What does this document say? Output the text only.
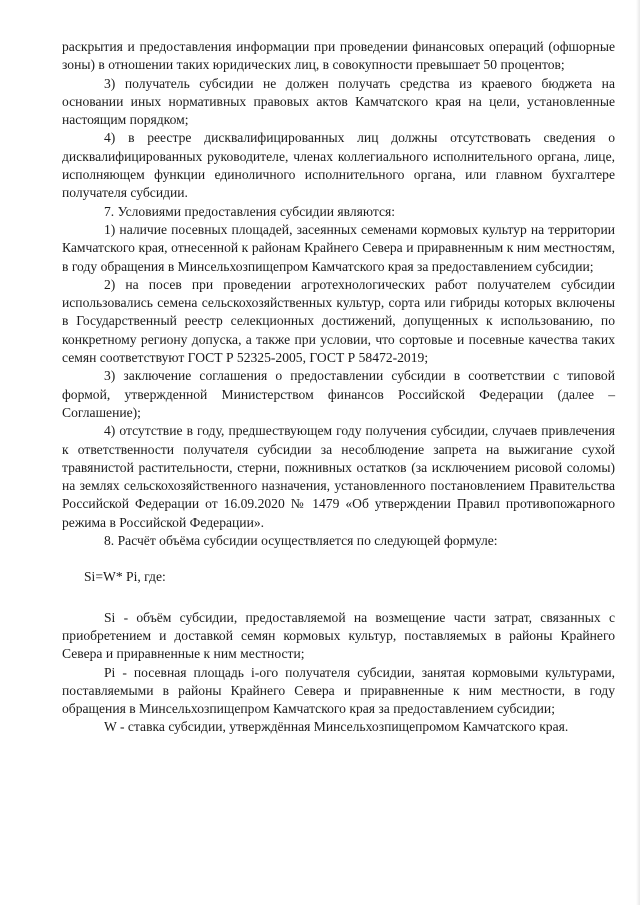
раскрытия и предоставления информации при проведении финансовых операций (офшорные зоны) в отношении таких юридических лиц, в совокупности превышает 50 процентов;

3) получатель субсидии не должен получать средства из краевого бюджета на основании иных нормативных правовых актов Камчатского края на цели, установленные настоящим порядком;

4) в реестре дисквалифицированных лиц должны отсутствовать сведения о дисквалифицированных руководителе, членах коллегиального исполнительного органа, лице, исполняющем функции единоличного исполнительного органа, или главном бухгалтере получателя субсидии.

7. Условиями предоставления субсидии являются:

1) наличие посевных площадей, засеянных семенами кормовых культур на территории Камчатского края, отнесенной к районам Крайнего Севера и приравненным к ним местностям, в году обращения в Минсельхозпищепром Камчатского края за предоставлением субсидии;

2) на посев при проведении агротехнологических работ получателем субсидии использовались семена сельскохозяйственных культур, сорта или гибриды которых включены в Государственный реестр селекционных достижений, допущенных к использованию, по конкретному региону допуска, а также при условии, что сортовые и посевные качества таких семян соответствуют ГОСТ Р 52325-2005, ГОСТ Р 58472-2019;

3) заключение соглашения о предоставлении субсидии в соответствии с типовой формой, утвержденной Министерством финансов Российской Федерации (далее – Соглашение);

4) отсутствие в году, предшествующем году получения субсидии, случаев привлечения к ответственности получателя субсидии за несоблюдение запрета на выжигание сухой травянистой растительности, стерни, пожнивных остатков (за исключением рисовой соломы) на землях сельскохозяйственного назначения, установленного постановлением Правительства Российской Федерации от 16.09.2020 № 1479 «Об утверждении Правил противопожарного режима в Российской Федерации».

8. Расчёт объёма субсидии осуществляется по следующей формуле:

Si=W* Pi, где:

Si - объём субсидии, предоставляемой на возмещение части затрат, связанных с приобретением и доставкой семян кормовых культур, поставляемых в районы Крайнего Севера и приравненные к ним местности;

Pi - посевная площадь i-ого получателя субсидии, занятая кормовыми культурами, поставляемыми в районы Крайнего Севера и приравненные к ним местности, в году обращения в Минсельхозпищепром Камчатского края за предоставлением субсидии;

W - ставка субсидии, утверждённая Минсельхозпищепромом Камчатского края.
